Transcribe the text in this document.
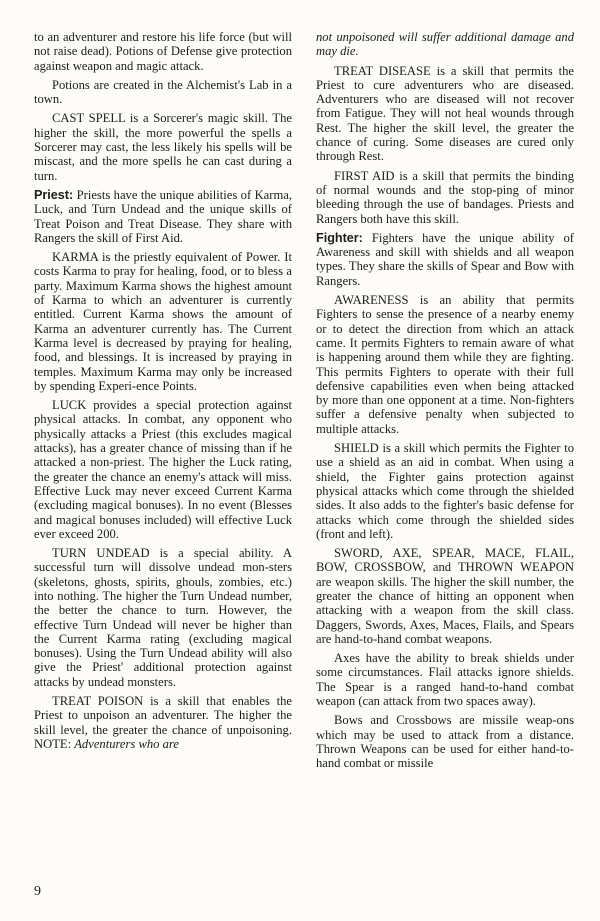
to an adventurer and restore his life force (but will not raise dead). Potions of Defense give protection against weapon and magic attack.

Potions are created in the Alchemist's Lab in a town.

CAST SPELL is a Sorcerer's magic skill. The higher the skill, the more powerful the spells a Sorcerer may cast, the less likely his spells will be miscast, and the more spells he can cast during a turn.

Priest: Priests have the unique abilities of Karma, Luck, and Turn Undead and the unique skills of Treat Poison and Treat Disease. They share with Rangers the skill of First Aid.

KARMA is the priestly equivalent of Power. It costs Karma to pray for healing, food, or to bless a party. Maximum Karma shows the highest amount of Karma to which an adventurer is currently entitled. Current Karma shows the amount of Karma an adventurer currently has. The Current Karma level is decreased by praying for healing, food, and blessings. It is increased by praying in temples. Maximum Karma may only be increased by spending Experi-ence Points.

LUCK provides a special protection against physical attacks. In combat, any opponent who physically attacks a Priest (this excludes magical attacks), has a greater chance of missing than if he attacked a non-priest. The higher the Luck rating, the greater the chance an enemy's attack will miss. Effective Luck may never exceed Current Karma (excluding magical bonuses). In no event (Blesses and magical bonuses included) will effective Luck ever exceed 200.

TURN UNDEAD is a special ability. A successful turn will dissolve undead mon-sters (skeletons, ghosts, spirits, ghouls, zombies, etc.) into nothing. The higher the Turn Undead number, the better the chance to turn. However, the effective Turn Undead will never be higher than the Current Karma rating (excluding magical bonuses). Using the Turn Undead ability will also give the Priest' additional protection against attacks by undead monsters.

TREAT POISON is a skill that enables the Priest to unpoison an adventurer. The higher the skill level, the greater the chance of unpoisoning. NOTE: Adventurers who are

not unpoisoned will suffer additional damage and may die.

TREAT DISEASE is a skill that permits the Priest to cure adventurers who are diseased. Adventurers who are diseased will not recover from Fatigue. They will not heal wounds through Rest. The higher the skill level, the greater the chance of curing. Some diseases are cured only through Rest.

FIRST AID is a skill that permits the binding of normal wounds and the stop-ping of minor bleeding through the use of bandages. Priests and Rangers both have this skill.

Fighter: Fighters have the unique ability of Awareness and skill with shields and all weapon types. They share the skills of Spear and Bow with Rangers.

AWARENESS is an ability that permits Fighters to sense the presence of a nearby enemy or to detect the direction from which an attack came. It permits Fighters to remain aware of what is happening around them while they are fighting. This permits Fighters to operate with their full defensive capabilities even when being attacked by more than one opponent at a time. Non-fighters suffer a defensive penalty when subjected to multiple attacks.

SHIELD is a skill which permits the Fighter to use a shield as an aid in combat. When using a shield, the Fighter gains protection against physical attacks which come through the shielded sides. It also adds to the fighter's basic defense for attacks which come through the shielded sides (front and left).

SWORD, AXE, SPEAR, MACE, FLAIL, BOW, CROSSBOW, and THROWN WEAPON are weapon skills. The higher the skill number, the greater the chance of hitting an opponent when attacking with a weapon from the skill class. Daggers, Swords, Axes, Maces, Flails, and Spears are hand-to-hand combat weapons.

Axes have the ability to break shields under some circumstances. Flail attacks ignore shields. The Spear is a ranged hand-to-hand combat weapon (can attack from two spaces away).

Bows and Crossbows are missile weap-ons which may be used to attack from a distance. Thrown Weapons can be used for either hand-to-hand combat or missile

9
